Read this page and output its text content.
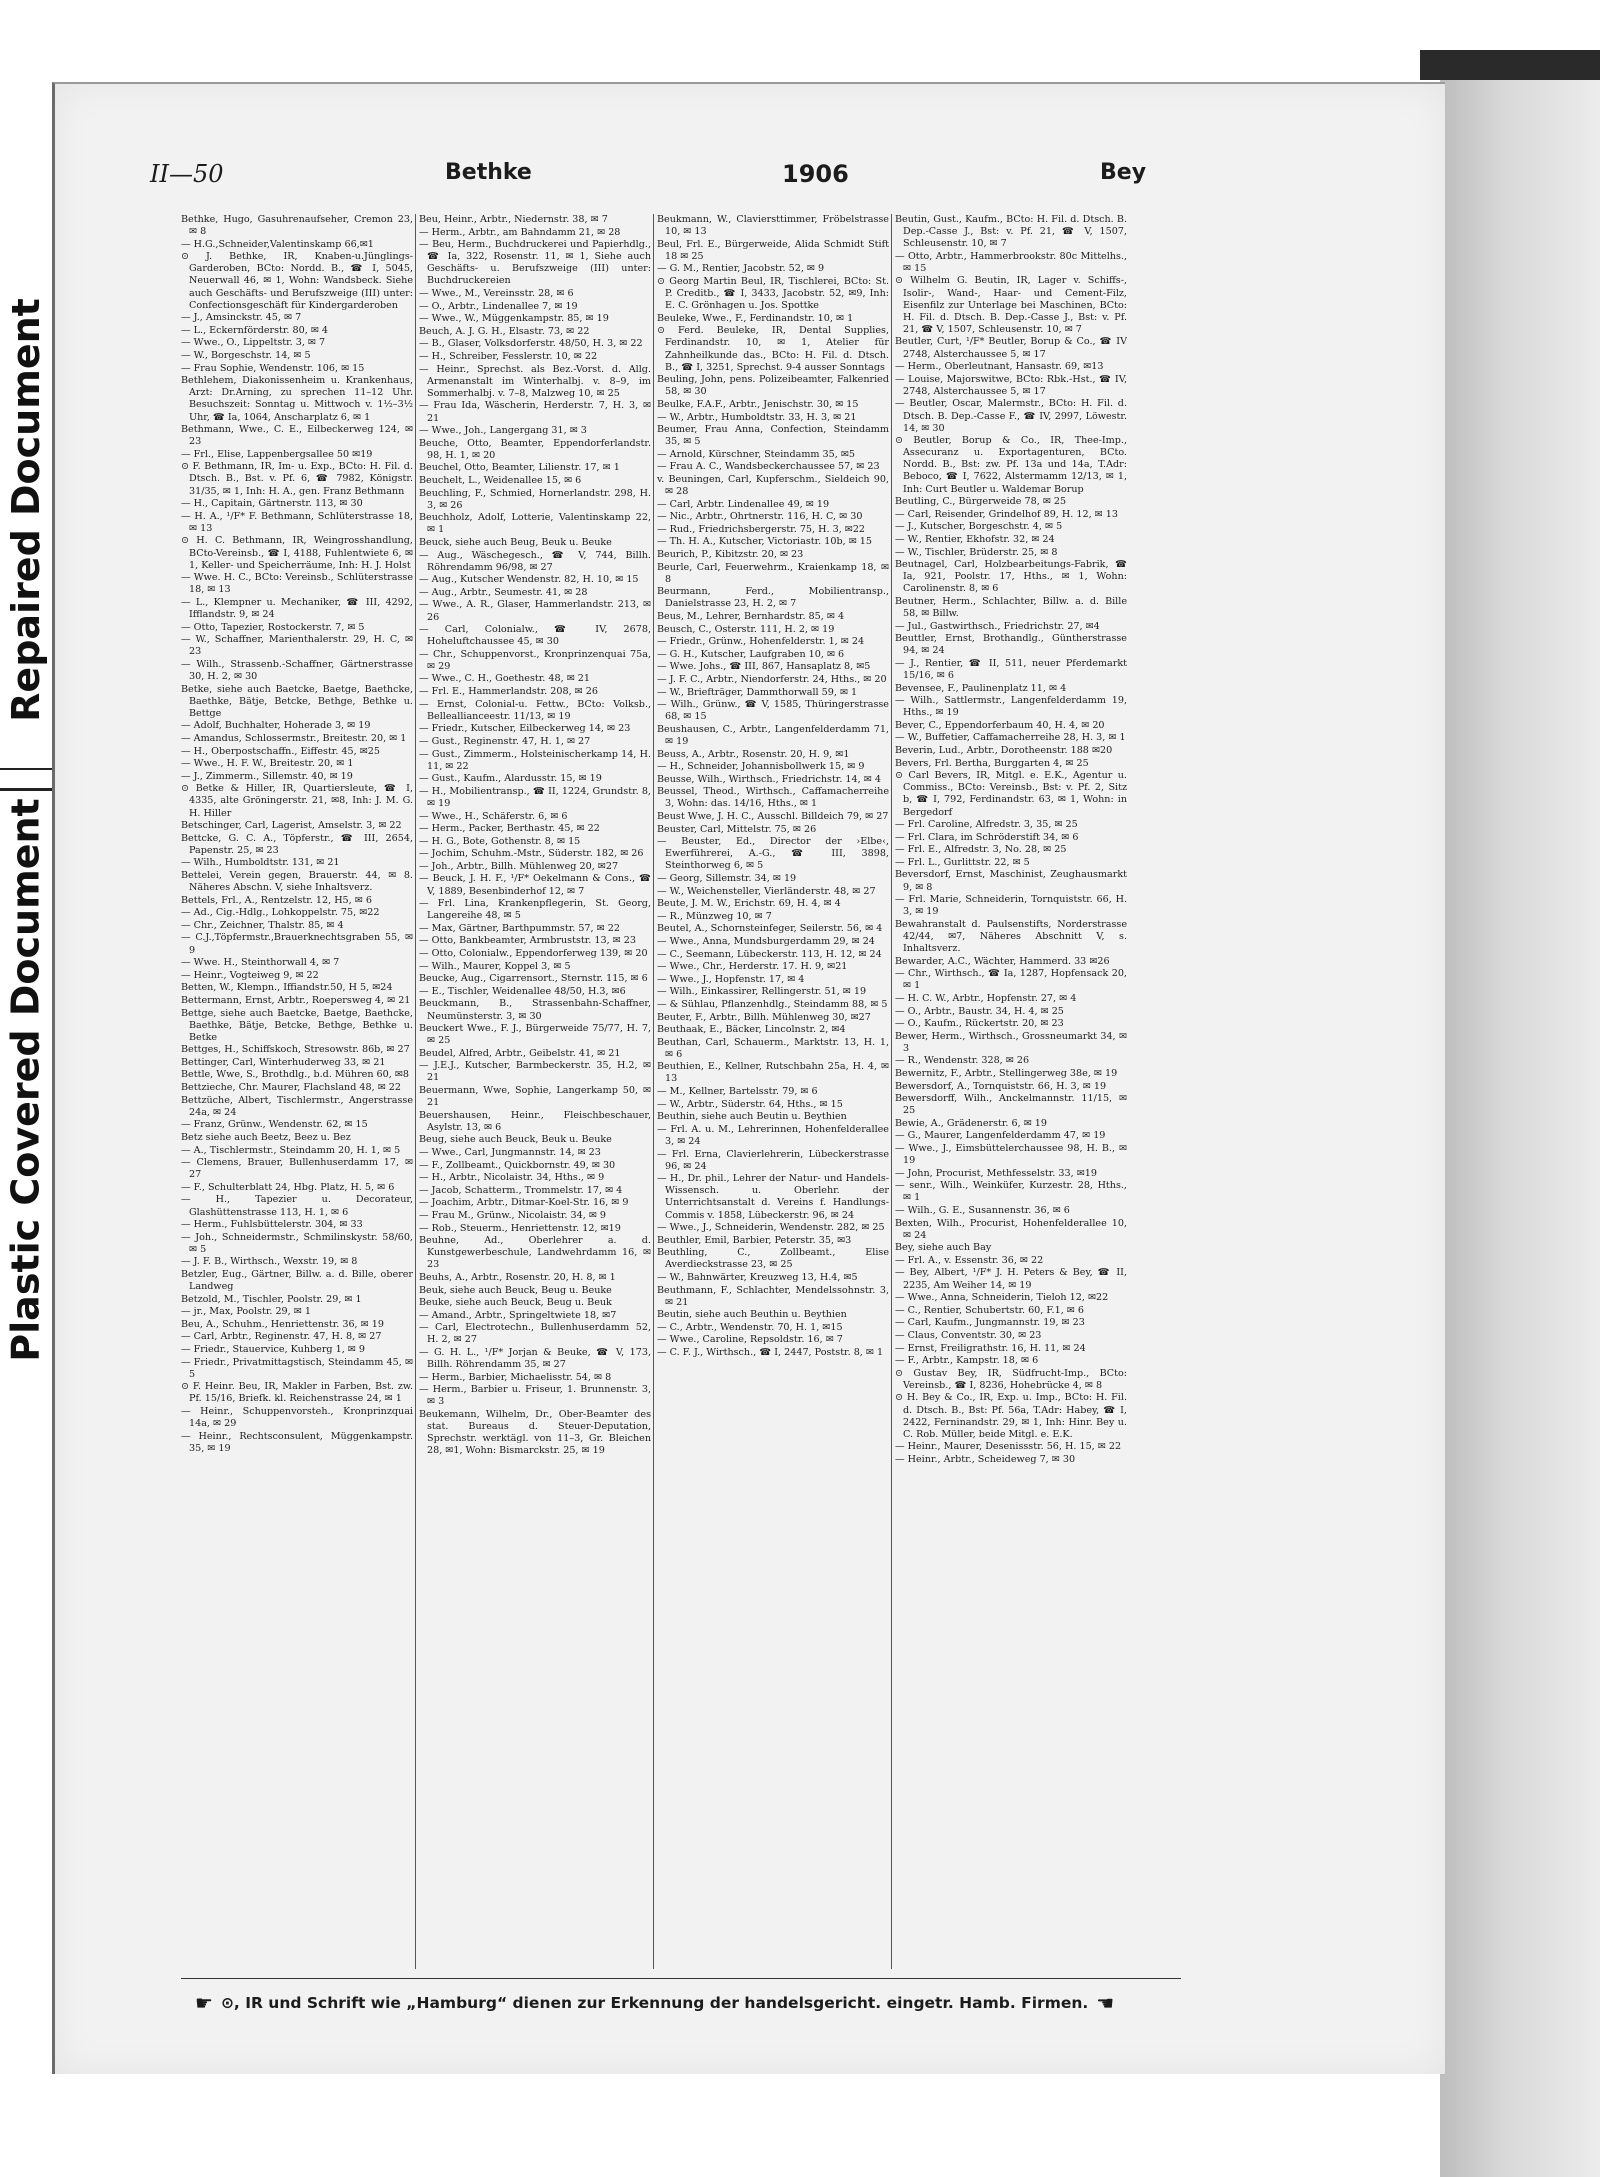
Repaired Document
Plastic Covered Document
II—50	Bethke	1906	Bey
Bethke, Hugo, Gasuhrenaufseher, Cremon 23, ✉ 8
— H.G.,Schneider,Valentinskamp 66,✉1
⊙ J. Bethke, IR, Knaben-u.Jünglings-Garderoben, BCto: Nordd. B., ☎ I, 5045, Neuerwall 46, ✉ 1, Wohn: Wandsbeck. Siehe auch Geschäfts- und Berufszweige (III) unter: Confectionsgeschäft für Kindergarderoben
— J., Amsinckstr. 45, ✉ 7
— L., Eckernförderstr. 80, ✉ 4
— Wwe., O., Lippeltstr. 3, ✉ 7
— W., Borgeschstr. 14, ✉ 5
— Frau Sophie, Wendenstr. 106, ✉ 15
Bethlehem, Diakonissenheim u. Krankenhaus, Arzt: Dr.Arning, zu sprechen 11–12 Uhr. Besuchszeit: Sonntag u. Mittwoch v. 1½–3½ Uhr, ☎ Ia, 1064, Anscharplatz 6, ✉ 1
Bethmann, Wwe., C. E., Eilbeckerweg 124, ✉ 23
— Frl., Elise, Lappenbergsallee 50 ✉19
⊙ F. Bethmann, IR, Im- u. Exp., BCto: H. Fil. d. Dtsch. B., Bst. v. Pf. 6, ☎ 7982, Königstr. 31/35, ✉ 1, Inh: H. A., gen. Franz Bethmann
— H., Capitain, Gärtnerstr. 113, ✉ 30
— H. A., ¹/F* F. Bethmann, Schlüterstrasse 18, ✉ 13
⊙ H. C. Bethmann, IR, Weingrosshandlung, BCto-Vereinsb., ☎ I, 4188, Fuhlentwiete 6, ✉ 1, Keller- und Speicherräume, Inh: H. J. Holst
— Wwe. H. C., BCto: Vereinsb., Schlüterstrasse 18, ✉ 13
— L., Klempner u. Mechaniker, ☎ III, 4292, Ifflandstr. 9, ✉ 24
— Otto, Tapezier, Rostockerstr. 7, ✉ 5
— W., Schaffner, Marienthalerstr. 29, H. C, ✉ 23
— Wilh., Strassenb.-Schaffner, Gärtnerstrasse 30, H. 2, ✉ 30
Betke, siehe auch Baetcke, Baetge, Baethcke, Baethke, Bätje, Betcke, Bethge, Bethke u. Bettge
— Adolf, Buchhalter, Hoherade 3, ✉ 19
— Amandus, Schlossermstr., Breitestr. 20, ✉ 1
— H., Oberpostschaffn., Eiffestr. 45, ✉25
— Wwe., H. F. W., Breitestr. 20, ✉ 1
— J., Zimmerm., Sillemstr. 40, ✉ 19
⊙ Betke & Hiller, IR, Quartiersleute, ☎ I, 4335, alte Gröningerstr. 21, ✉8, Inh: J. M. G. H. Hiller
Betschinger, Carl, Lagerist, Amselstr. 3, ✉ 22
Bettcke, G. C. A., Töpferstr., ☎ III, 2654, Papenstr. 25, ✉ 23
— Wilh., Humboldtstr. 131, ✉ 21
Bettelei, Verein gegen, Brauerstr. 44, ✉ 8. Näheres Abschn. V, siehe Inhaltsverz.
Bettels, Frl., A., Rentzelstr. 12, H5, ✉ 6
— Ad., Cig.-Hdlg., Lohkoppelstr. 75, ✉22
— Chr., Zeichner, Thalstr. 85, ✉ 4
— C.J.,Töpfermstr.,Brauerknechtsgraben 55, ✉ 9
— Wwe. H., Steinthorwall 4, ✉ 7
— Heinr., Vogteiweg 9, ✉ 22
Betten, W., Klempn., Iffiandstr.50, H 5, ✉24
Bettermann, Ernst, Arbtr., Roepersweg 4, ✉ 21
Bettge, siehe auch Baetcke, Baetge, Baethcke, Baethke, Bätje, Betcke, Bethge, Bethke u. Betke
Bettges, H., Schiffskoch, Stresowstr. 86b, ✉ 27
Bettinger, Carl, Winterhuderweg 33, ✉ 21
Bettle, Wwe, S., Brothdlg., b.d. Mühren 60, ✉8
Bettzieche, Chr. Maurer, Flachsland 48, ✉ 22
Bettzüche, Albert, Tischlermstr., Angerstrasse 24a, ✉ 24
— Franz, Grünw., Wendenstr. 62, ✉ 15
Betz siehe auch Beetz, Beez u. Bez
— A., Tischlermstr., Steindamm 20, H. 1, ✉ 5
— Clemens, Brauer, Bullenhuserdamm 17, ✉ 27
— F., Schulterblatt 24, Hbg. Platz, H. 5, ✉ 6
— H., Tapezier u. Decorateur, Glashüttenstrasse 113, H. 1, ✉ 6
— Herm., Fuhlsbüttelerstr. 304, ✉ 33
— Joh., Schneidermstr., Schmilinskystr. 58/60, ✉ 5
— J. F. B., Wirthsch., Wexstr. 19, ✉ 8
Betzler, Eug., Gärtner, Billw. a. d. Bille, oberer Landweg
Betzold, M., Tischler, Poolstr. 29, ✉ 1
— jr., Max, Poolstr. 29, ✉ 1
Beu, A., Schuhm., Henriettenstr. 36, ✉ 19
— Carl, Arbtr., Reginenstr. 47, H. 8, ✉ 27
— Friedr., Stauervice, Kuhberg 1, ✉ 9
— Friedr., Privatmittagstisch, Steindamm 45, ✉ 5
⊙ F. Heinr. Beu, IR, Makler in Farben, Bst. zw. Pf. 15/16, Briefk. kl. Reichenstrasse 24, ✉ 1
— Heinr., Schuppenvorsteh., Kronprinzquai 14a, ✉ 29
— Heinr., Rechtsconsulent, Müggenkampstr. 35, ✉ 19
Beu, Heinr., Arbtr., Niedernstr. 38, ✉ 7
— Herm., Arbtr., am Bahndamm 21, ✉ 28
— Beu, Herm., Buchdruckerei und Papierhdlg., ☎ Ia, 322, Rosenstr. 11, ✉ 1, Siehe auch Geschäfts- u. Berufszweige (III) unter: Buchdruckereien
— Wwe., M., Vereinsstr. 28, ✉ 6
— O., Arbtr., Lindenallee 7, ✉ 19
— Wwe., W., Müggenkampstr. 85, ✉ 19
Beuch, A. J. G. H., Elsastr. 73, ✉ 22
— B., Glaser, Volksdorferstr. 48/50, H. 3, ✉ 22
— H., Schreiber, Fesslerstr. 10, ✉ 22
— Heinr., Sprechst. als Bez.-Vorst. d. Allg. Armenanstalt im Winterhalbj. v. 8–9, im Sommerhalbj. v. 7–8, Malzweg 10, ✉ 25
— Frau Ida, Wäscherin, Herderstr. 7, H. 3, ✉ 21
— Wwe., Joh., Langergang 31, ✉ 3
Beuche, Otto, Beamter, Eppendorferlandstr. 98, H. 1, ✉ 20
Beuchel, Otto, Beamter, Lilienstr. 17, ✉ 1
Beuchelt, L., Weidenallee 15, ✉ 6
Beuchling, F., Schmied, Hornerlandstr. 298, H. 3, ✉ 26
Beuchholz, Adolf, Lotterie, Valentinskamp 22, ✉ 1
Beuck, siehe auch Beug, Beuk u. Beuke
— Aug., Wäschegesch., ☎ V, 744, Billh. Röhrendamm 96/98, ✉ 27
— Aug., Kutscher Wendenstr. 82, H. 10, ✉ 15
— Aug., Arbtr., Seumestr. 41, ✉ 28
— Wwe., A. R., Glaser, Hammerlandstr. 213, ✉ 26
— Carl, Colonialw., ☎ IV, 2678, Hoheluftchaussee 45, ✉ 30
— Chr., Schuppenvorst., Kronprinzenquai 75a, ✉ 29
— Wwe., C. H., Goethestr. 48, ✉ 21
— Frl. E., Hammerlandstr. 208, ✉ 26
— Ernst, Colonial-u. Fettw., BCto: Volksb., Belleallianceestr. 11/13, ✉ 19
— Friedr., Kutscher, Eilbeckerweg 14, ✉ 23
— Gust., Reginenstr. 47, H. 1, ✉ 27
— Gust., Zimmerm., Holsteinischerkamp 14, H. 11, ✉ 22
— Gust., Kaufm., Alardusstr. 15, ✉ 19
— H., Mobilientransp., ☎ II, 1224, Grundstr. 8, ✉ 19
— Wwe., H., Schäferstr. 6, ✉ 6
— Herm., Packer, Berthastr. 45, ✉ 22
— H. G., Bote, Gothenstr. 8, ✉ 15
— Jochim, Schuhm.-Mstr., Süderstr. 182, ✉ 26
— Joh., Arbtr., Billh. Mühlenweg 20, ✉27
— Beuck, J. H. F., ¹/F* Oekelmann & Cons., ☎ V, 1889, Besenbinderhof 12, ✉ 7
— Frl. Lina, Krankenpflegerin, St. Georg, Langereihe 48, ✉ 5
— Max, Gärtner, Barthpummstr. 57, ✉ 22
— Otto, Bankbeamter, Armbruststr. 13, ✉ 23
— Otto, Colonialw., Eppendorferweg 139, ✉ 20
— Wilh., Maurer, Koppel 3, ✉ 5
Beucke, Aug., Cigarrensort., Sternstr. 115, ✉ 6
— E., Tischler, Weidenallee 48/50, H.3, ✉6
Beuckmann, B., Strassenbahn-Schaffner, Neumünsterstr. 3, ✉ 30
Beuckert Wwe., F. J., Bürgerweide 75/77, H. 7, ✉ 25
Beudel, Alfred, Arbtr., Geibelstr. 41, ✉ 21
— J.E.J., Kutscher, Barmbeckerstr. 35, H.2, ✉ 21
Beuermann, Wwe, Sophie, Langerkamp 50, ✉ 21
Beuershausen, Heinr., Fleischbeschauer, Asylstr. 13, ✉ 6
Beug, siehe auch Beuck, Beuk u. Beuke
— Wwe., Carl, Jungmannstr. 14, ✉ 23
— F., Zollbeamt., Quickbornstr. 49, ✉ 30
— H., Arbtr., Nicolaistr. 34, Hths., ✉ 9
— Jacob, Schatterm., Trommelstr. 17, ✉ 4
— Joachim, Arbtr., Ditmar-Koel-Str. 16, ✉ 9
— Frau M., Grünw., Nicolaistr. 34, ✉ 9
— Rob., Steuerm., Henriettenstr. 12, ✉19
Beuhne, Ad., Oberlehrer a. d. Kunstgewerbeschule, Landwehrdamm 16, ✉ 23
Beuhs, A., Arbtr., Rosenstr. 20, H. 8, ✉ 1
Beuk, siehe auch Beuck, Beug u. Beuke
Beuke, siehe auch Beuck, Beug u. Beuk
— Amand., Arbtr., Springeltwiete 18, ✉7
— Carl, Electrotechn., Bullenhuserdamm 52, H. 2, ✉ 27
— G. H. L., ¹/F* Jorjan & Beuke, ☎ V, 173, Billh. Röhrendamm 35, ✉ 27
— Herm., Barbier, Michaelisstr. 54, ✉ 8
— Herm., Barbier u. Friseur, 1. Brunnenstr. 3, ✉ 3
Beukemann, Wilhelm, Dr., Ober-Beamter des stat. Bureaus d. Steuer-Deputation, Sprechstr. werktägl. von 11–3, Gr. Bleichen 28, ✉1, Wohn: Bismarckstr. 25, ✉ 19
Beukmann, W., Claviersttimmer, Fröbelstrasse 10, ✉ 13
Beul, Frl. E., Bürgerweide, Alida Schmidt Stift 18 ✉ 25
— G. M., Rentier, Jacobstr. 52, ✉ 9
⊙ Georg Martin Beul, IR, Tischlerei, BCto: St. P. Creditb., ☎ I, 3433, Jacobstr. 52, ✉9, Inh: E. C. Grönhagen u. Jos. Spottke
Beuleke, Wwe., F., Ferdinandstr. 10, ✉ 1
⊙ Ferd. Beuleke, IR, Dental Supplies, Ferdinandstr. 10, ✉ 1, Atelier für Zahnheilkunde das., BCto: H. Fil. d. Dtsch. B., ☎ I, 3251, Sprechst. 9-4 ausser Sonntags
Beuling, John, pens. Polizeibeamter, Falkenried 58, ✉ 30
Beulke, F.A.F., Arbtr., Jenischstr. 30, ✉ 15
— W., Arbtr., Humboldtstr. 33, H. 3, ✉ 21
Beumer, Frau Anna, Confection, Steindamm 35, ✉ 5
— Arnold, Kürschner, Steindamm 35, ✉5
— Frau A. C., Wandsbeckerchaussee 57, ✉ 23
v. Beuningen, Carl, Kupferschm., Sieldeich 90, ✉ 28
— Carl, Arbtr. Lindenallee 49, ✉ 19
— Nic., Arbtr., Ohrtnerstr. 116, H. C, ✉ 30
— Rud., Friedrichsbergerstr. 75, H. 3, ✉22
— Th. H. A., Kutscher, Victoriastr. 10b, ✉ 15
Beurich, P., Kibitzstr. 20, ✉ 23
Beurle, Carl, Feuerwehrm., Kraienkamp 18, ✉ 8
Beurmann, Ferd., Mobilientransp., Danielstrasse 23, H. 2, ✉ 7
Beus, M., Lehrer, Bernhardstr. 85, ✉ 4
Beusch, C., Osterstr. 111, H. 2, ✉ 19
— Friedr., Grünw., Hohenfelderstr. 1, ✉ 24
— G. H., Kutscher, Laufgraben 10, ✉ 6
— Wwe. Johs., ☎ III, 867, Hansaplatz 8, ✉5
— J. F. C., Arbtr., Niendorferstr. 24, Hths., ✉ 20
— W., Briefträger, Dammthorwall 59, ✉ 1
— Wilh., Grünw., ☎ V, 1585, Thüringerstrasse 68, ✉ 15
Beushausen, C., Arbtr., Langenfelderdamm 71, ✉ 19
Beuss, A., Arbtr., Rosenstr. 20, H. 9, ✉1
— H., Schneider, Johannisbollwerk 15, ✉ 9
Beusse, Wilh., Wirthsch., Friedrichstr. 14, ✉ 4
Beussel, Theod., Wirthsch., Caffamacherreihe 3, Wohn: das. 14/16, Hths., ✉ 1
Beust Wwe, J. H. C., Ausschl. Billdeich 79, ✉ 27
Beuster, Carl, Mittelstr. 75, ✉ 26
— Beuster, Ed., Director der ›Elbe‹, Ewerführerei, A.-G., ☎ III, 3898, Steinthorweg 6, ✉ 5
— Georg, Sillemstr. 34, ✉ 19
— W., Weichensteller, Vierländerstr. 48, ✉ 27
Beute, J. M. W., Erichstr. 69, H. 4, ✉ 4
— R., Münzweg 10, ✉ 7
Beutel, A., Schornsteinfeger, Seilerstr. 56, ✉ 4
— Wwe., Anna, Mundsburgerdamm 29, ✉ 24
— C., Seemann, Lübeckerstr. 113, H. 12, ✉ 24
— Wwe., Chr., Herderstr. 17. H. 9, ✉21
— Wwe., J., Hopfenstr. 17, ✉ 4
— Wilh., Einkassirer, Rellingerstr. 51, ✉ 19
— & Sühlau, Pflanzenhdlg., Steindamm 88, ✉ 5
Beuter, F., Arbtr., Billh. Mühlenweg 30, ✉27
Beuthaak, E., Bäcker, Lincolnstr. 2, ✉4
Beuthan, Carl, Schauerm., Marktstr. 13, H. 1, ✉ 6
Beuthien, E., Kellner, Rutschbahn 25a, H. 4, ✉ 13
— M., Kellner, Bartelsstr. 79, ✉ 6
— W., Arbtr., Süderstr. 64, Hths., ✉ 15
Beuthin, siehe auch Beutin u. Beythien
— Frl. A. u. M., Lehrerinnen, Hohenfelderallee 3, ✉ 24
— Frl. Erna, Clavierlehrerin, Lübeckerstrasse 96, ✉ 24
— H., Dr. phil., Lehrer der Natur- und Handels-Wissensch. u. Oberlehr. der Unterrichtsanstalt d. Vereins f. Handlungs-Commis v. 1858, Lübeckerstr. 96, ✉ 24
— Wwe., J., Schneiderin, Wendenstr. 282, ✉ 25
Beuthler, Emil, Barbier, Peterstr. 35, ✉3
Beuthling, C., Zollbeamt., Elise Averdieckstrasse 23, ✉ 25
— W., Bahnwärter, Kreuzweg 13, H.4, ✉5
Beuthmann, F., Schlachter, Mendelssohnstr. 3, ✉ 21
Beutin, siehe auch Beuthin u. Beythien
— C., Arbtr., Wendenstr. 70, H. 1, ✉15
— Wwe., Caroline, Repsoldstr. 16, ✉ 7
— C. F. J., Wirthsch., ☎ I, 2447, Poststr. 8, ✉ 1
Beutin, Gust., Kaufm., BCto: H. Fil. d. Dtsch. B. Dep.-Casse J., Bst: v. Pf. 21, ☎ V, 1507, Schleusenstr. 10, ✉ 7
— Otto, Arbtr., Hammerbrookstr. 80c Mittelhs., ✉ 15
⊙ Wilhelm G. Beutin, IR, Lager v. Schiffs-, Isolir-, Wand-, Haar- und Cement-Filz, Eisenfilz zur Unterlage bei Maschinen, BCto: H. Fil. d. Dtsch. B. Dep.-Casse J., Bst: v. Pf. 21, ☎ V, 1507, Schleusenstr. 10, ✉ 7
Beutler, Curt, ¹/F* Beutler, Borup & Co., ☎ IV 2748, Alsterchaussee 5, ✉ 17
— Herm., Oberleutnant, Hansastr. 69, ✉13
— Louise, Majorswitwe, BCto: Rbk.-Hst., ☎ IV, 2748, Alsterchaussee 5, ✉ 17
— Beutler, Oscar, Malermstr., BCto: H. Fil. d. Dtsch. B. Dep.-Casse F., ☎ IV, 2997, Löwestr. 14, ✉ 30
⊙ Beutler, Borup & Co., IR, Thee-Imp., Assecuranz u. Exportagenturen, BCto. Nordd. B., Bst: zw. Pf. 13a und 14a, T.Adr: Beboco, ☎ I, 7622, Alstermamm 12/13, ✉ 1, Inh: Curt Beutler u. Waldemar Borup
Beutling, C., Bürgerweide 78, ✉ 25
— Carl, Reisender, Grindelhof 89, H. 12, ✉ 13
— J., Kutscher, Borgeschstr. 4, ✉ 5
— W., Rentier, Ekhofstr. 32, ✉ 24
— W., Tischler, Brüderstr. 25, ✉ 8
Beutnagel, Carl, Holzbearbeitungs-Fabrik, ☎ Ia, 921, Poolstr. 17, Hths., ✉ 1, Wohn: Carolinenstr. 8, ✉ 6
Beutner, Herm., Schlachter, Billw. a. d. Bille 58, ✉ Billw.
— Jul., Gastwirthsch., Friedrichstr. 27, ✉4
Beuttler, Ernst, Brothandlg., Güntherstrasse 94, ✉ 24
— J., Rentier, ☎ II, 511, neuer Pferdemarkt 15/16, ✉ 6
Bevensee, F., Paulinenplatz 11, ✉ 4
— Wilh., Sattlermstr., Langenfelderdamm 19, Hths., ✉ 19
Bever, C., Eppendorferbaum 40, H. 4, ✉ 20
— W., Buffetier, Caffamacherreihe 28, H. 3, ✉ 1
Beverin, Lud., Arbtr., Dorotheenstr. 188 ✉20
Bevers, Frl. Bertha, Burggarten 4, ✉ 25
⊙ Carl Bevers, IR, Mitgl. e. E.K., Agentur u. Commiss., BCto: Vereinsb., Bst: v. Pf. 2, Sitz b, ☎ I, 792, Ferdinandstr. 63, ✉ 1, Wohn: in Bergedorf
— Frl. Caroline, Alfredstr. 3, 35, ✉ 25
— Frl. Clara, im Schröderstift 34, ✉ 6
— Frl. E., Alfredstr. 3, No. 28, ✉ 25
— Frl. L., Gurlittstr. 22, ✉ 5
Beversdorf, Ernst, Maschinist, Zeughausmarkt 9, ✉ 8
— Frl. Marie, Schneiderin, Tornquiststr. 66, H. 3, ✉ 19
Bewahranstalt d. Paulsenstifts, Norderstrasse 42/44, ✉7, Näheres Abschnitt V, s. Inhaltsverz.
Bewarder, A.C., Wächter, Hammerd. 33 ✉26
— Chr., Wirthsch., ☎ Ia, 1287, Hopfensack 20, ✉ 1
— H. C. W., Arbtr., Hopfenstr. 27, ✉ 4
— O., Arbtr., Baustr. 34, H. 4, ✉ 25
— O., Kaufm., Rückertstr. 20, ✉ 23
Bewer, Herm., Wirthsch., Grossneumarkt 34, ✉ 3
— R., Wendenstr. 328, ✉ 26
Bewernitz, F., Arbtr., Stellingerweg 38e, ✉ 19
Bewersdorf, A., Tornquiststr. 66, H. 3, ✉ 19
Bewersdorff, Wilh., Anckelmannstr. 11/15, ✉ 25
Bewie, A., Grädenerstr. 6, ✉ 19
— G., Maurer, Langenfelderdamm 47, ✉ 19
— Wwe., J., Eimsbüttelerchaussee 98, H. B., ✉ 19
— John, Procurist, Methfesselstr. 33, ✉19
— senr., Wilh., Weinküfer, Kurzestr. 28, Hths., ✉ 1
— Wilh., G. E., Susannenstr. 36, ✉ 6
Bexten, Wilh., Procurist, Hohenfelderallee 10, ✉ 24
Bey, siehe auch Bay
— Frl. A., v. Essenstr. 36, ✉ 22
— Bey, Albert, ¹/F* J. H. Peters & Bey, ☎ II, 2235, Am Weiher 14, ✉ 19
— Wwe., Anna, Schneiderin, Tieloh 12, ✉22
— C., Rentier, Schubertstr. 60, F.1, ✉ 6
— Carl, Kaufm., Jungmannstr. 19, ✉ 23
— Claus, Conventstr. 30, ✉ 23
— Ernst, Freiligrathstr. 16, H. 11, ✉ 24
— F., Arbtr., Kampstr. 18, ✉ 6
⊙ Gustav Bey, IR, Südfrucht-Imp., BCto: Vereinsb., ☎ I, 8236, Hohebrücke 4, ✉ 8
⊙ H. Bey & Co., IR, Exp. u. Imp., BCto: H. Fil. d. Dtsch. B., Bst: Pf. 56a, T.Adr: Habey, ☎ I, 2422, Ferninandstr. 29, ✉ 1, Inh: Hinr. Bey u. C. Rob. Müller, beide Mitgl. e. E.K.
— Heinr., Maurer, Desenissstr. 56, H. 15, ✉ 22
— Heinr., Arbtr., Scheideweg 7, ✉ 30
☛ ⊙, IR und Schrift wie „Hamburg“ dienen zur Erkennung der handelsgericht. eingetr. Hamb. Firmen. ☚
